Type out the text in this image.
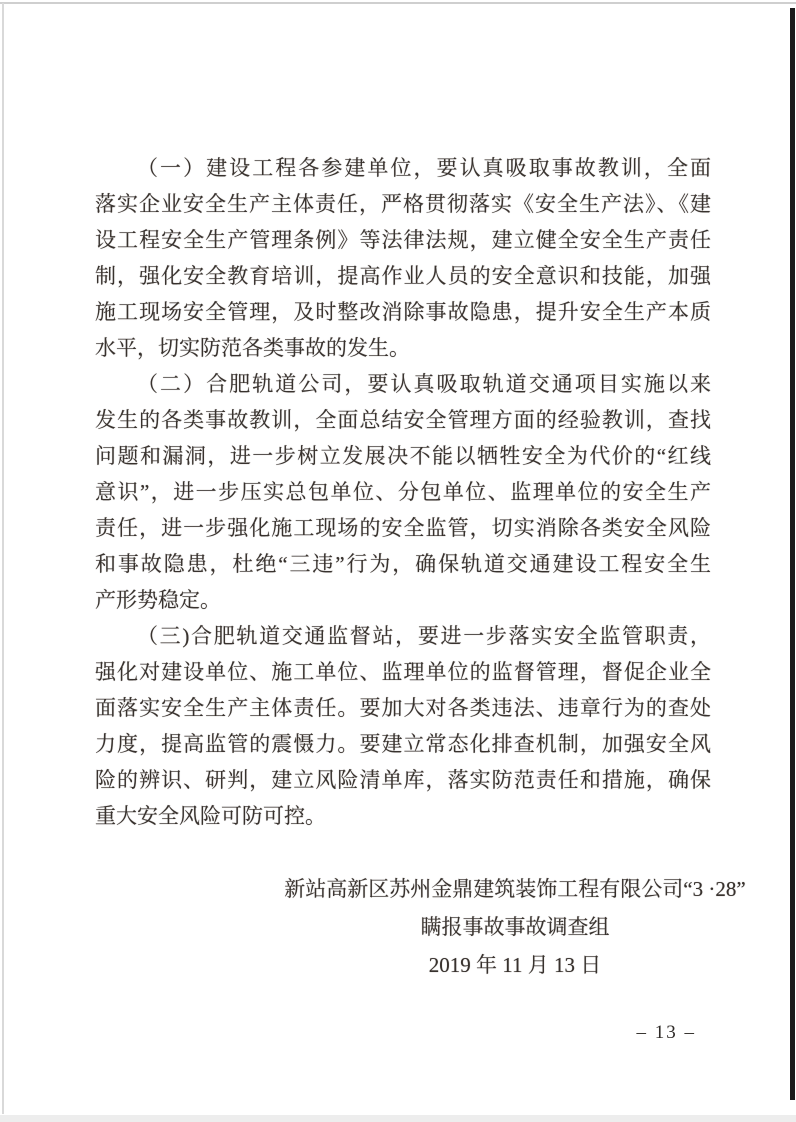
（一）建设工程各参建单位，要认真吸取事故教训，全面
落实企业安全生产主体责任，严格贯彻落实《安全生产法》、《建
设工程安全生产管理条例》等法律法规，建立健全安全生产责任
制，强化安全教育培训，提高作业人员的安全意识和技能，加强
施工现场安全管理，及时整改消除事故隐患，提升安全生产本质
水平，切实防范各类事故的发生。
（二）合肥轨道公司，要认真吸取轨道交通项目实施以来
发生的各类事故教训，全面总结安全管理方面的经验教训，查找
问题和漏洞，进一步树立发展决不能以牺牲安全为代价的“红线
意识”，进一步压实总包单位、分包单位、监理单位的安全生产
责任，进一步强化施工现场的安全监管，切实消除各类安全风险
和事故隐患，杜绝“三违”行为，确保轨道交通建设工程安全生
产形势稳定。
（三)合肥轨道交通监督站，要进一步落实安全监管职责，
强化对建设单位、施工单位、监理单位的监督管理，督促企业全
面落实安全生产主体责任。要加大对各类违法、违章行为的查处
力度，提高监管的震慑力。要建立常态化排查机制，加强安全风
险的辨识、研判，建立风险清单库，落实防范责任和措施，确保
重大安全风险可防可控。
新站高新区苏州金鼎建筑装饰工程有限公司“3 ·28”
瞒报事故事故调查组
2019 年 11 月 13 日
– 13 –
